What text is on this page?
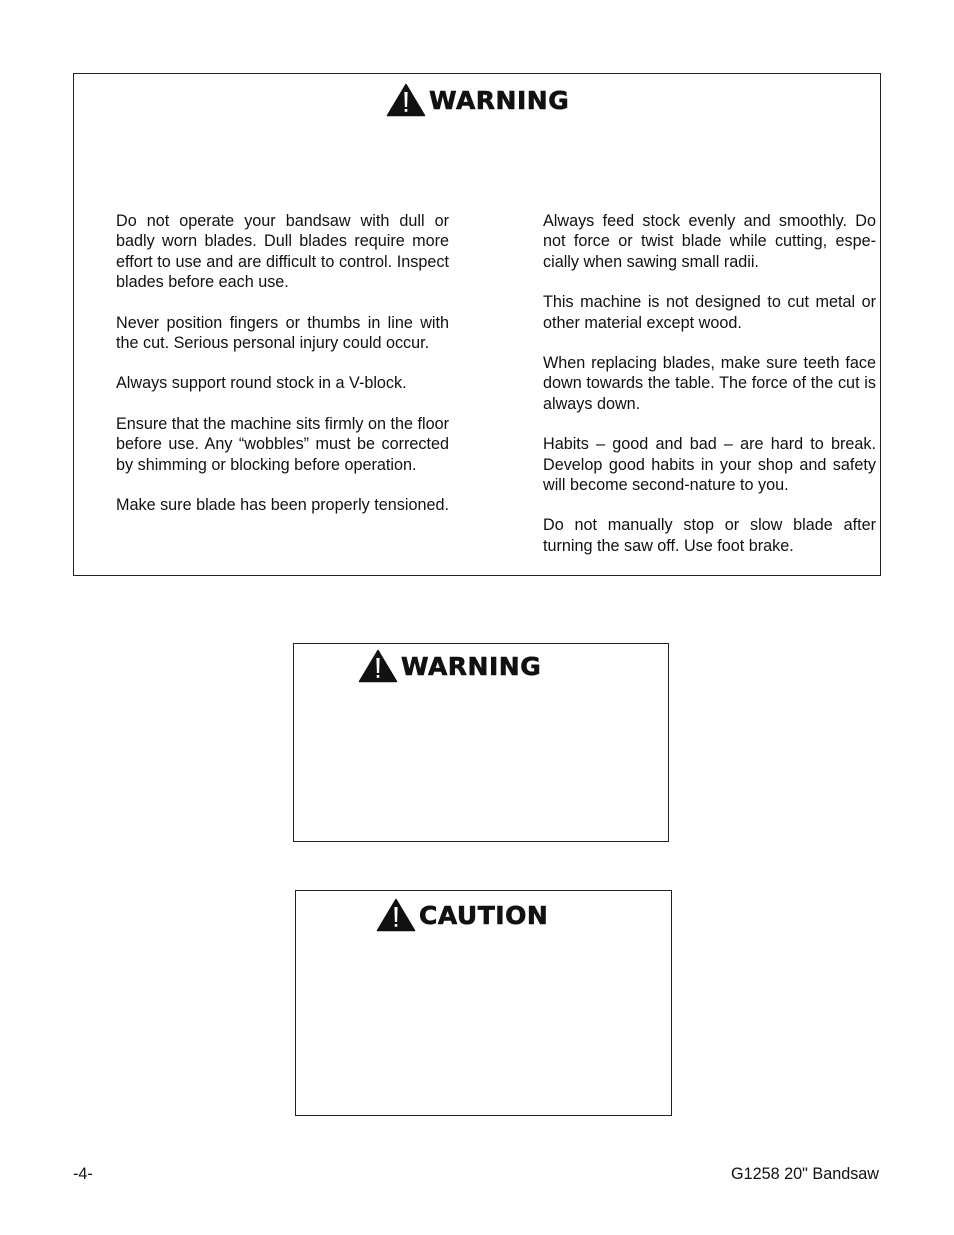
WARNING

Do not operate your bandsaw with dull or badly worn blades. Dull blades require more effort to use and are difficult to control. Inspect blades before each use.

Never position fingers or thumbs in line with the cut. Serious personal injury could occur.

Always support round stock in a V-block.

Ensure that the machine sits firmly on the floor before use. Any “wobbles” must be corrected by shimming or blocking before operation.

Make sure blade has been properly tensioned.

Always feed stock evenly and smoothly. Do not force or twist blade while cutting, especially when sawing small radii.

This machine is not designed to cut metal or other material except wood.

When replacing blades, make sure teeth face down towards the table. The force of the cut is always down.

Habits – good and bad – are hard to break. Develop good habits in your shop and safety will become second-nature to you.

Do not manually stop or slow blade after turning the saw off. Use foot brake.

WARNING
CAUTION
-4-	G1258 20" Bandsaw
